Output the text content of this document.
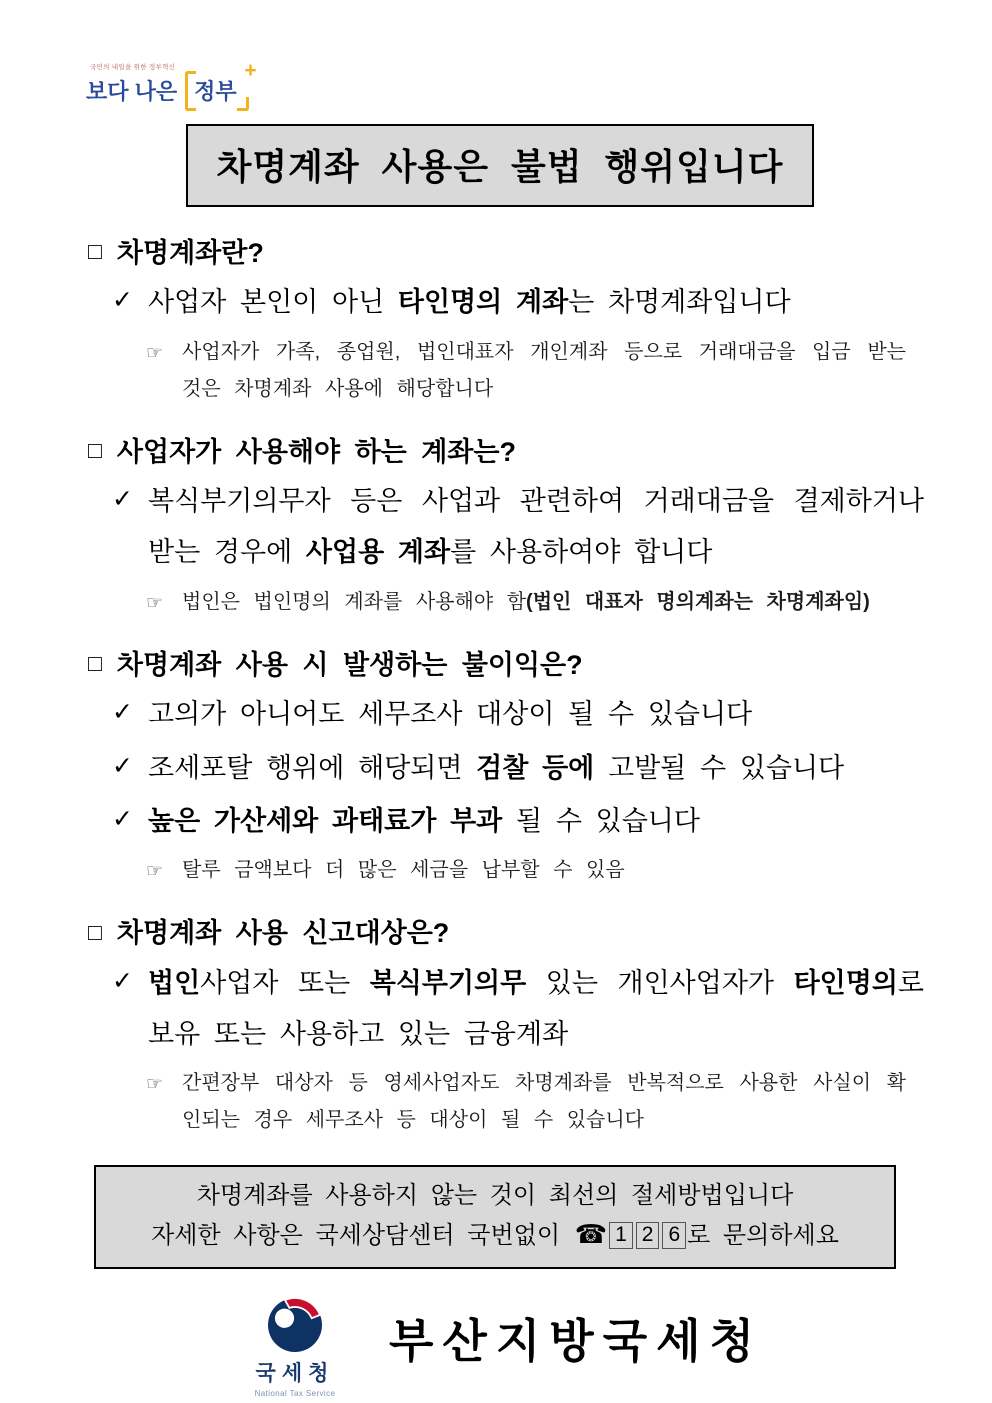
국민의 내일을 위한 정부혁신
보다 나은 정부
+
차명계좌 사용은 불법 행위입니다
□ 차명계좌란?
✓ 사업자 본인이 아닌 타인명의 계좌는 차명계좌입니다
☞ 사업자가 가족, 종업원, 법인대표자 개인계좌 등으로 거래대금을 입금 받는 것은 차명계좌 사용에 해당합니다
□ 사업자가 사용해야 하는 계좌는?
✓ 복식부기의무자 등은 사업과 관련하여 거래대금을 결제하거나 받는 경우에 사업용 계좌를 사용하여야 합니다
☞ 법인은 법인명의 계좌를 사용해야 함(법인 대표자 명의계좌는 차명계좌임)
□ 차명계좌 사용 시 발생하는 불이익은?
✓ 고의가 아니어도 세무조사 대상이 될 수 있습니다
✓ 조세포탈 행위에 해당되면 검찰 등에 고발될 수 있습니다
✓ 높은 가산세와 과태료가 부과 될 수 있습니다
☞ 탈루 금액보다 더 많은 세금을 납부할 수 있음
□ 차명계좌 사용 신고대상은?
✓ 법인사업자 또는 복식부기의무 있는 개인사업자가 타인명의로 보유 또는 사용하고 있는 금융계좌
☞ 간편장부 대상자 등 영세사업자도 차명계좌를 반복적으로 사용한 사실이 확인되는 경우 세무조사 등 대상이 될 수 있습니다
차명계좌를 사용하지 않는 것이 최선의 절세방법입니다
자세한 사항은 국세상담센터 국번없이 ☎ 1 2 6 로 문의하세요
국세청
National Tax Service
부산지방국세청
